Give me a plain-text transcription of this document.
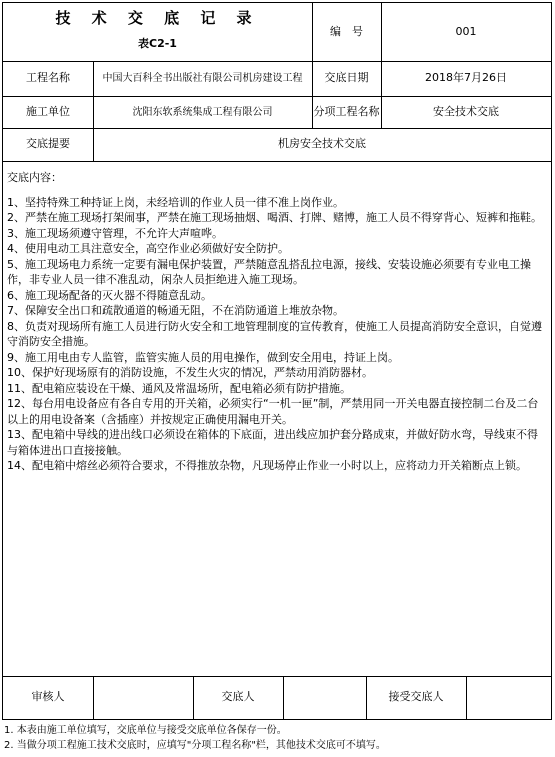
技 术 交 底 记 录
表C2-1
编　号	001
工程名称	中国大百科全书出版社有限公司机房建设工程	交底日期	2018年7月26日
施工单位	沈阳东软系统集成工程有限公司	分项工程名称	安全技术交底
交底提要	机房安全技术交底
交底内容：
1、坚持特殊工种持证上岗，未经培训的作业人员一律不准上岗作业。
2、严禁在施工现场打架闹事，严禁在施工现场抽烟、喝酒、打牌、赌博，施工人员不得穿背心、短裤和拖鞋。
3、施工现场须遵守管理，不允许大声喧哗。
4、使用电动工具注意安全，高空作业必须做好安全防护。
5、施工现场电力系统一定要有漏电保护装置，严禁随意乱搭乱拉电源，接线、安装设施必须要有专业电工操作，非专业人员一律不准乱动，闲杂人员拒绝进入施工现场。
6、施工现场配备的灭火器不得随意乱动。
7、保障安全出口和疏散通道的畅通无阻，不在消防通道上堆放杂物。
8、负责对现场所有施工人员进行防火安全和工地管理制度的宣传教育，使施工人员提高消防安全意识，自觉遵守消防安全措施。
9、施工用电由专人监管，监管实施人员的用电操作，做到安全用电，持证上岗。
10、保护好现场原有的消防设施，不发生火灾的情况，严禁动用消防器材。
11、配电箱应装设在干燥、通风及常温场所，配电箱必须有防护措施。
12、每台用电设备应有各自专用的开关箱，必须实行“一机一匣”制，严禁用同一开关电器直接控制二台及二台以上的用电设备案（含插座）并按规定正确使用漏电开关。
13、配电箱中导线的进出线口必须设在箱体的下底面，进出线应加护套分路成束，并做好防水弯，导线束不得与箱体进出口直接接触。
14、配电箱中熔丝必须符合要求，不得推放杂物，凡现场停止作业一小时以上，应将动力开关箱断点上锁。
审核人	交底人	接受交底人
1. 本表由施工单位填写，交底单位与接受交底单位各保存一份。
2. 当做分项工程施工技术交底时，应填写"分项工程名称"栏，其他技术交底可不填写。
